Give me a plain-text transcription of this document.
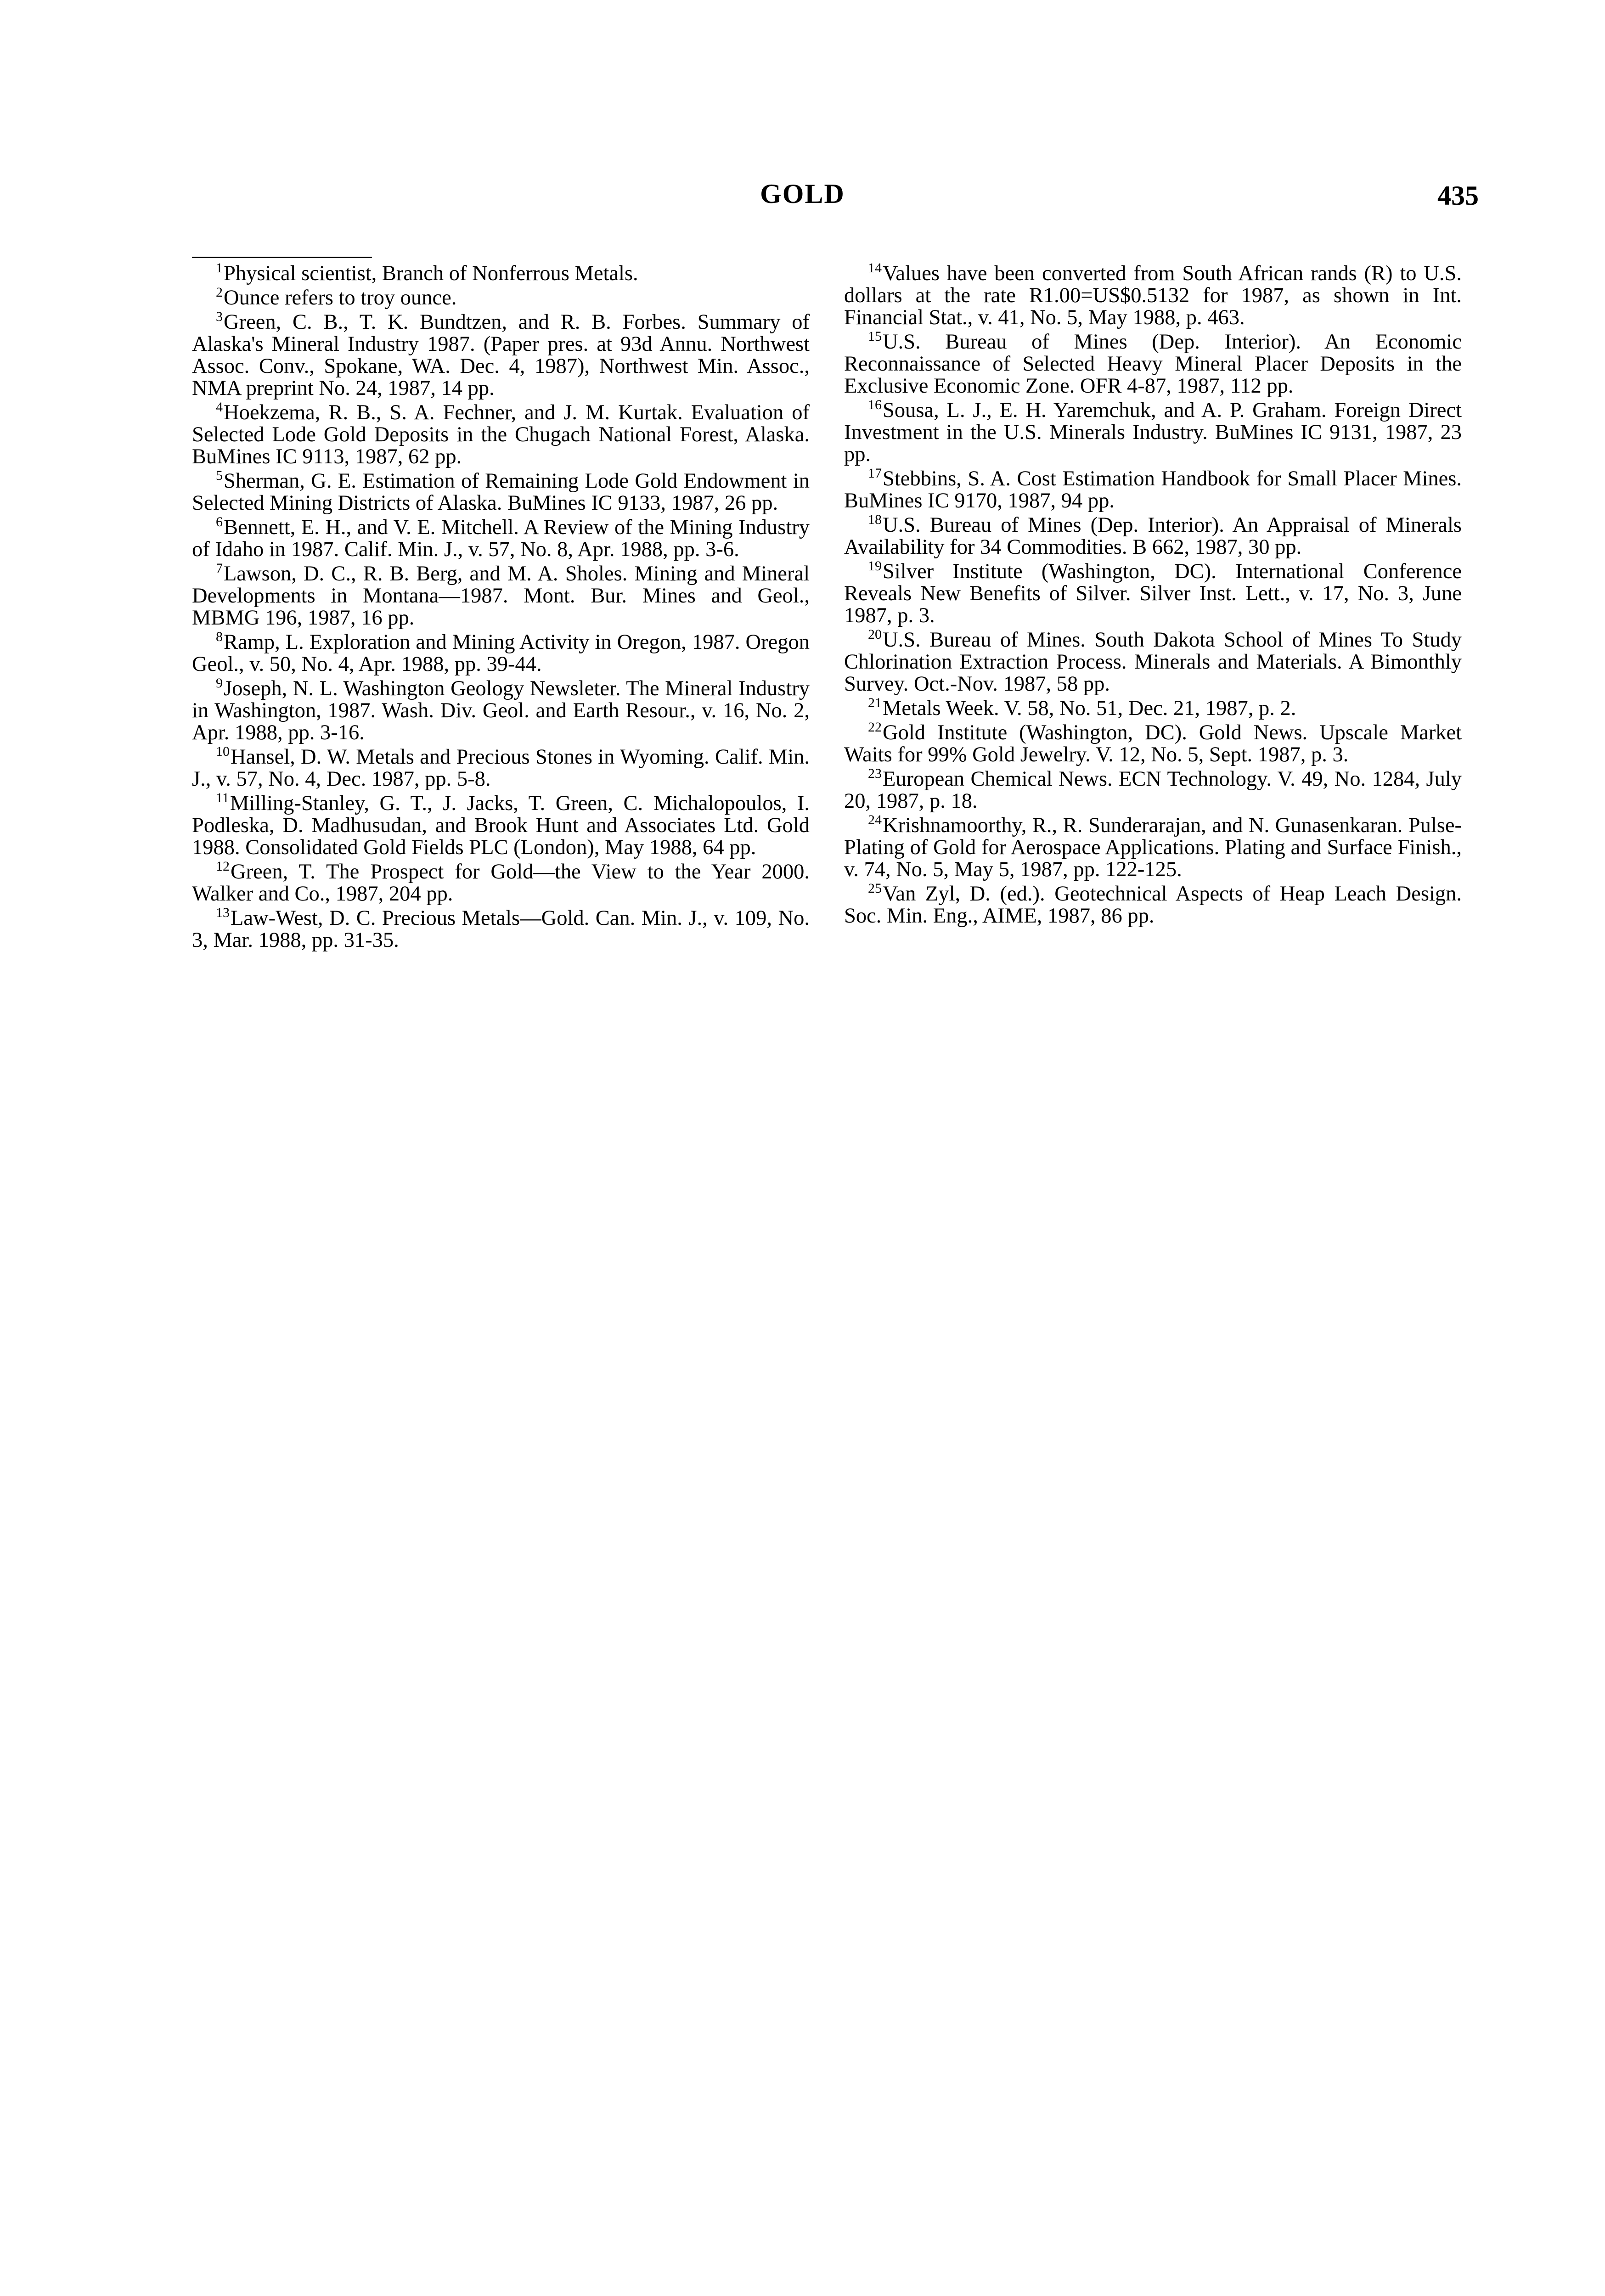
GOLD	435

$^1$Physical scientist, Branch of Nonferrous Metals.

$^2$Ounce refers to troy ounce.

$^3$Green, C. B., T. K. Bundtzen, and R. B. Forbes. Summary of Alaska's Mineral Industry 1987. (Paper pres. at 93d Annu. Northwest Assoc. Conv., Spokane, WA. Dec. 4, 1987), Northwest Min. Assoc., NMA preprint No. 24, 1987, 14 pp.

$^4$Hoekzema, R. B., S. A. Fechner, and J. M. Kurtak. Evaluation of Selected Lode Gold Deposits in the Chugach National Forest, Alaska. BuMines IC 9113, 1987, 62 pp.

$^5$Sherman, G. E. Estimation of Remaining Lode Gold Endowment in Selected Mining Districts of Alaska. BuMines IC 9133, 1987, 26 pp.

$^6$Bennett, E. H., and V. E. Mitchell. A Review of the Mining Industry of Idaho in 1987. Calif. Min. J., v. 57, No. 8, Apr. 1988, pp. 3-6.

$^7$Lawson, D. C., R. B. Berg, and M. A. Sholes. Mining and Mineral Developments in Montana—1987. Mont. Bur. Mines and Geol., MBMG 196, 1987, 16 pp.

$^8$Ramp, L. Exploration and Mining Activity in Oregon, 1987. Oregon Geol., v. 50, No. 4, Apr. 1988, pp. 39-44.

$^9$Joseph, N. L. Washington Geology Newsleter. The Mineral Industry in Washington, 1987. Wash. Div. Geol. and Earth Resour., v. 16, No. 2, Apr. 1988, pp. 3-16.

$^{10}$Hansel, D. W. Metals and Precious Stones in Wyoming. Calif. Min. J., v. 57, No. 4, Dec. 1987, pp. 5-8.

$^{11}$Milling-Stanley, G. T., J. Jacks, T. Green, C. Michalopoulos, I. Podleska, D. Madhusudan, and Brook Hunt and Associates Ltd. Gold 1988. Consolidated Gold Fields PLC (London), May 1988, 64 pp.

$^{12}$Green, T. The Prospect for Gold—the View to the Year 2000. Walker and Co., 1987, 204 pp.

$^{13}$Law-West, D. C. Precious Metals—Gold. Can. Min. J., v. 109, No. 3, Mar. 1988, pp. 31-35.

$^{14}$Values have been converted from South African rands (R) to U.S. dollars at the rate R1.00=US$0.5132 for 1987, as shown in Int. Financial Stat., v. 41, No. 5, May 1988, p. 463.

$^{15}$U.S. Bureau of Mines (Dep. Interior). An Economic Reconnaissance of Selected Heavy Mineral Placer Deposits in the Exclusive Economic Zone. OFR 4-87, 1987, 112 pp.

$^{16}$Sousa, L. J., E. H. Yaremchuk, and A. P. Graham. Foreign Direct Investment in the U.S. Minerals Industry. BuMines IC 9131, 1987, 23 pp.

$^{17}$Stebbins, S. A. Cost Estimation Handbook for Small Placer Mines. BuMines IC 9170, 1987, 94 pp.

$^{18}$U.S. Bureau of Mines (Dep. Interior). An Appraisal of Minerals Availability for 34 Commodities. B 662, 1987, 30 pp.

$^{19}$Silver Institute (Washington, DC). International Conference Reveals New Benefits of Silver. Silver Inst. Lett., v. 17, No. 3, June 1987, p. 3.

$^{20}$U.S. Bureau of Mines. South Dakota School of Mines To Study Chlorination Extraction Process. Minerals and Materials. A Bimonthly Survey. Oct.-Nov. 1987, 58 pp.

$^{21}$Metals Week. V. 58, No. 51, Dec. 21, 1987, p. 2.

$^{22}$Gold Institute (Washington, DC). Gold News. Upscale Market Waits for 99% Gold Jewelry. V. 12, No. 5, Sept. 1987, p. 3.

$^{23}$European Chemical News. ECN Technology. V. 49, No. 1284, July 20, 1987, p. 18.

$^{24}$Krishnamoorthy, R., R. Sunderarajan, and N. Gunasenkaran. Pulse-Plating of Gold for Aerospace Applications. Plating and Surface Finish., v. 74, No. 5, May 5, 1987, pp. 122-125.

$^{25}$Van Zyl, D. (ed.). Geotechnical Aspects of Heap Leach Design. Soc. Min. Eng., AIME, 1987, 86 pp.
